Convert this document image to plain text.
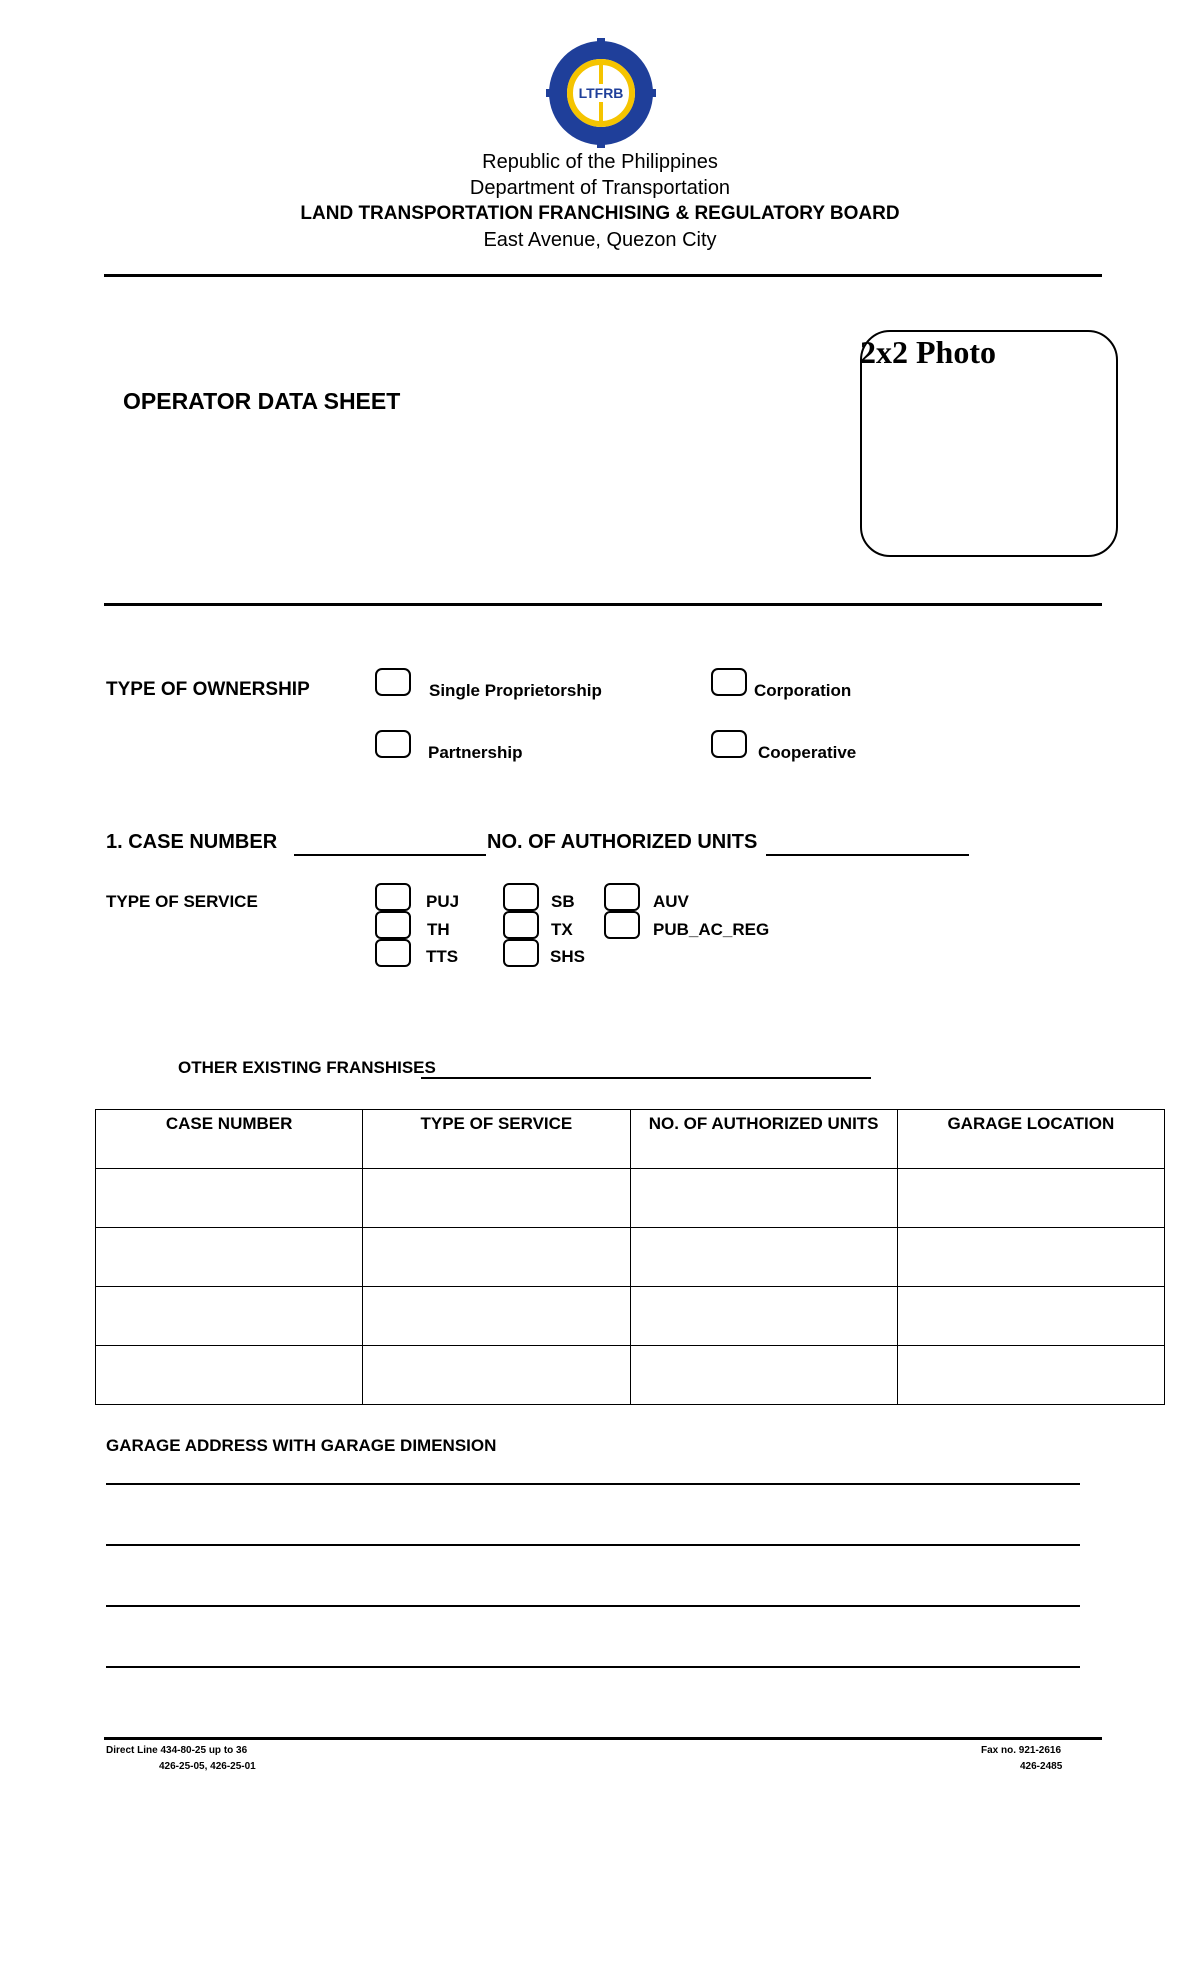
LTFRB
Republic of the Philippines
Department of Transportation
LAND TRANSPORTATION FRANCHISING & REGULATORY BOARD
East Avenue, Quezon City
OPERATOR DATA SHEET
2x2 Photo
TYPE OF OWNERSHIP	Single Proprietorship	Corporation
Partnership	Cooperative
1. CASE NUMBER	NO. OF AUTHORIZED UNITS
TYPE OF SERVICE	PUJ
TH
TTS
SB
TX
SHS
AUV
PUB_AC_REG
OTHER EXISTING FRANSHISES
CASE NUMBER	TYPE OF SERVICE	NO. OF AUTHORIZED UNITS	GARAGE LOCATION

GARAGE ADDRESS WITH GARAGE DIMENSION
Direct Line 434-80-25 up to 36
426-25-05, 426-25-01
Fax no. 921-2616
426-2485
